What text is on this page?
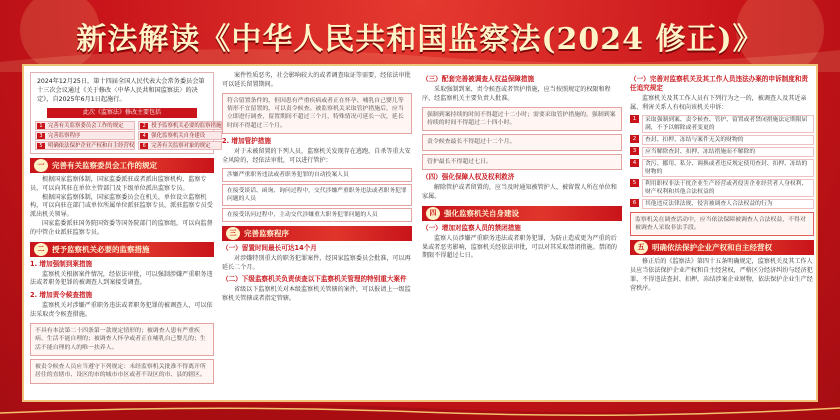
新法解读《中华人民共和国监察法(2024 修正)》
2024年12月25日，第十四届全国人民代表大会常务委员会第十三次会议通过《关于修改〈中华人民共和国监察法〉的决定》，自2025年6月1日起施行。
此次《监察法》修改主要包括
1	完善有关监察委员会工作的规定	2	授予监察机关必要的监察措施
3	完善监察程序	4	强化监察机关自身建设
5	明确依法保护企业产权和自主经营权	6	完善有关监察对象的规定
一	完善有关监察委员会工作的规定
根据国家监察体制，国家监委派驻或者派出监察机构、监察专员，可以向其驻在单位主管部门及下级单位派出监察专员。
根据国家监察体制，国家监察委员会在机关、单位设立监察机构，可以向驻在部门或单位所属单位派驻监察专员，派驻监察专员受派出机关领导。
国家监委派驻国务院国资委等国务院部门的监察组，可以向监督的中管企业派驻监察专员。
二	授予监察机关必要的监察措施
1. 增加强制到案措施
监察机关根据案件情况，经依法审批，可以强制涉嫌严重职务违法或者职务犯罪的被调查人到案接受调查。
2. 增加责令候查措施
监察机关对涉嫌严重职务违法或者职务犯罪的被调查人，可以依法采取责令候查措施。
不具有本法第二十四条第一款规定情形的；被调查人患有严重疾病、生活不能自理的；被调查人怀孕或者正在哺乳自己婴儿的；生活不能自理的人的唯一扶养人。
被责令候查人员应当遵守下列规定：未经监察机关批准不得离开所居住的直辖市、设区的市的城市市区或者不设区的市、县的辖区。
案件性质恶劣，社会影响较大的或者调查取证等需要，经依法审批可以延长留置期间。
符合留置条件的，但因患有严重疾病或者正在怀孕、哺乳自己婴儿等情形不宜留置的，可以责令候查。被监察机关采取管护措施后，应当立即进行调查，留置期间不超过三个月，特殊情况可延长一次，延长时间不得超过三个月。
2. 增加管护措施
对于未被留置的下列人员，监察机关发现存在逃跑、自杀等重大安全风险的，经依法审批，可以进行管护：
涉嫌严重职务违法或者职务犯罪的自动投案人员
在接受谈话、函询、询问过程中，交代涉嫌严重职务违法或者职务犯罪问题的人员
在接受讯问过程中，主动交代涉嫌重大职务犯罪问题的人员
三	完善监察程序
（一）留置时间最长可达14个月
对涉嫌特别重大的职务犯罪案件，经国家监察委员会批准，可以再延长二个月。
（二）下级监察机关负责侦查以下监察机关管理的特别重大案件
省级以下监察机关对本级监察机关管辖的案件，可以报请上一级监察机关管辖或者指定管辖。
（三）配套完善被调查人权益保障措施
采取强制到案、责令候查或者管护措施，应当按照规定的权限和程序，经监察机关主要负责人批准。
强制到案持续的时间不得超过十二小时；需要采取管护措施的，强制到案持续的时间不得超过二十四小时。
责令候查最长不得超过十二个月。
管护最长不得超过七日。
（四）强化保障人权及权利救济
解除管护或者留置的，应当及时通知被管护人、被留置人所在单位和家属。
四	强化监察机关自身建设
（一）增加对监察人员的禁闭措施
监察人员涉嫌严重职务违法或者职务犯罪，为防止造成更为严重的后果或者恶劣影响，监察机关经依法审批，可以对其采取禁闭措施。禁闭的期限不得超过七日。
（一）完善对监察机关及其工作人员违法办案的申诉制度和责任追究规定
监察机关及其工作人员有下列行为之一的，被调查人及其近亲属、利害关系人有权向该机关申诉：
1	采取强制到案、责令候查、管护、留置或者禁闭措施法定期限届满，不予以解除或者变更的
2	查封、扣押、冻结与案件无关的财物的
3	应当解除查封、扣押、冻结措施而不解除的
4	贪污、挪用、私分、调换或者违反规定使用查封、扣押、冻结的财物的
5	利用职权非法干扰企业生产经营或者侵害企业经营者人身权利、财产权利和其他合法权益的
6	其他违反法律法规、侵害被调查人合法权益的行为
监察机关在调查活动中，应当依法保障被调查人合法权益，不得对被调查人采取非法手段。
五	明确依法保护企业产权和自主经营权
修正后的《监察法》第四十五条明确规定，监察机关及其工作人员应当依法保护企业产权和自主经营权，严格区分经济纠纷与经济犯罪，不得违法查封、扣押、冻结涉案企业财物，依法保护企业生产经营秩序。
